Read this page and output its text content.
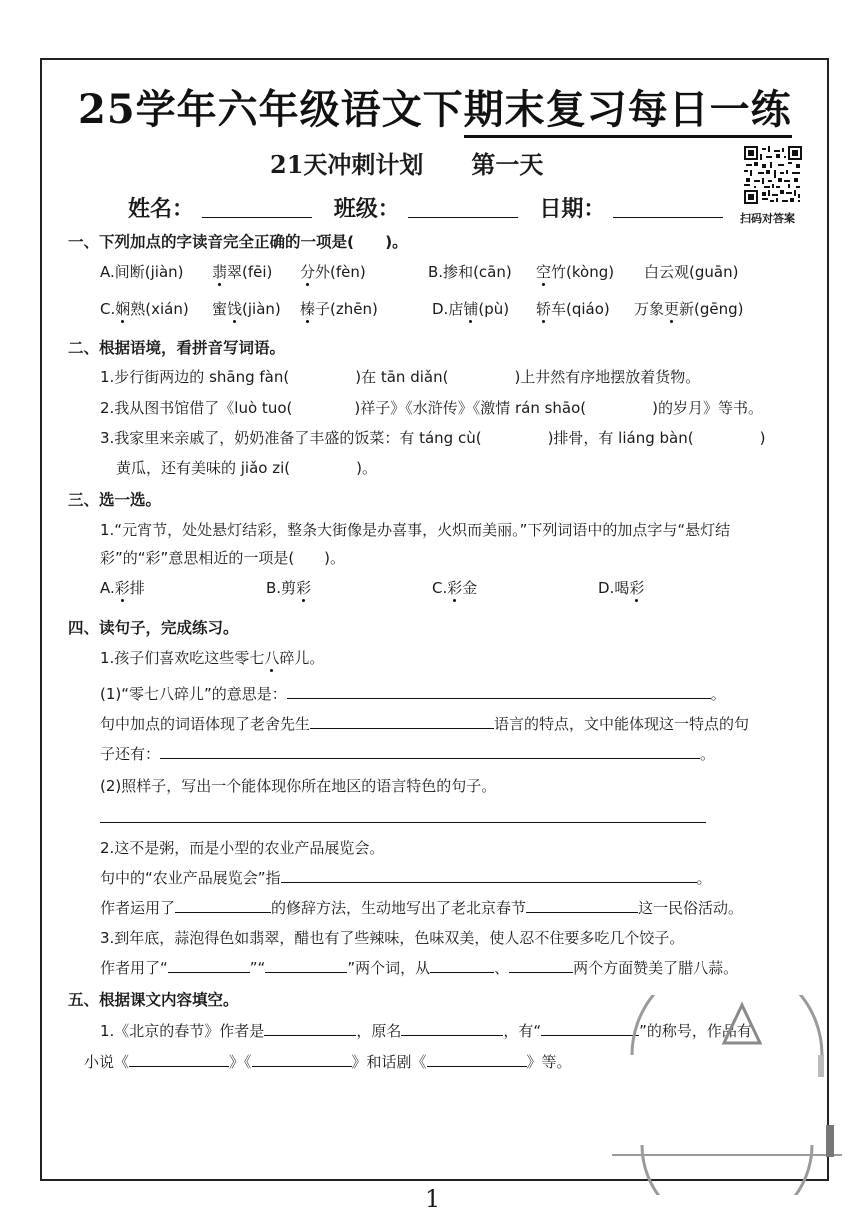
25学年六年级语文下期末复习每日一练
21天冲刺计划 第一天
扫码对答案
姓名：	班级：	日期：
一、下列加点的字读音完全正确的一项是(　　)。
A.间断(jiàn) 翡翠(fēi) 分外(fèn)	B.掺和(cān) 空竹(kòng) 白云观(guān)
C.娴熟(xián) 蜜饯(jiàn) 榛子(zhēn)	D.店铺(pù) 轿车(qiáo) 万象更新(gēng)
二、根据语境，看拼音写词语。
1.步行街两边的 shāng fàn(	)在 tān diǎn(	)上井然有序地摆放着货物。
2.我从图书馆借了《luò tuo(	)祥子》《水浒传》《激情 rán shāo(	)的岁月》等书。
3.我家里来亲戚了，奶奶准备了丰盛的饭菜：有 táng cù(	)排骨，有 liáng bàn(	)
黄瓜，还有美味的 jiǎo zi(	)。
三、选一选。
1.“元宵节，处处悬灯结彩，整条大街像是办喜事，火炽而美丽。”下列词语中的加点字与“悬灯结
彩”的“彩”意思相近的一项是(　　)。
A.彩排	B.剪彩	C.彩金	D.喝彩
四、读句子，完成练习。
1.孩子们喜欢吃这些零七八碎儿。
(1)“零七八碎儿”的意思是：	。
句中加点的词语体现了老舍先生	语言的特点，文中能体现这一特点的句
子还有：	。
(2)照样子，写出一个能体现你所在地区的语言特色的句子。
2.这不是粥，而是小型的农业产品展览会。
句中的“农业产品展览会”指	。
作者运用了	的修辞方法，生动地写出了老北京春节	这一民俗活动。
3.到年底，蒜泡得色如翡翠，醋也有了些辣味，色味双美，使人忍不住要多吃几个饺子。
作者用了“	”“	”两个词，从	、	两个方面赞美了腊八蒜。
五、根据课文内容填空。
1.《北京的春节》作者是	，原名	，有“	”的称号，作品有
小说《	》《	》和话剧《	》等。
1
